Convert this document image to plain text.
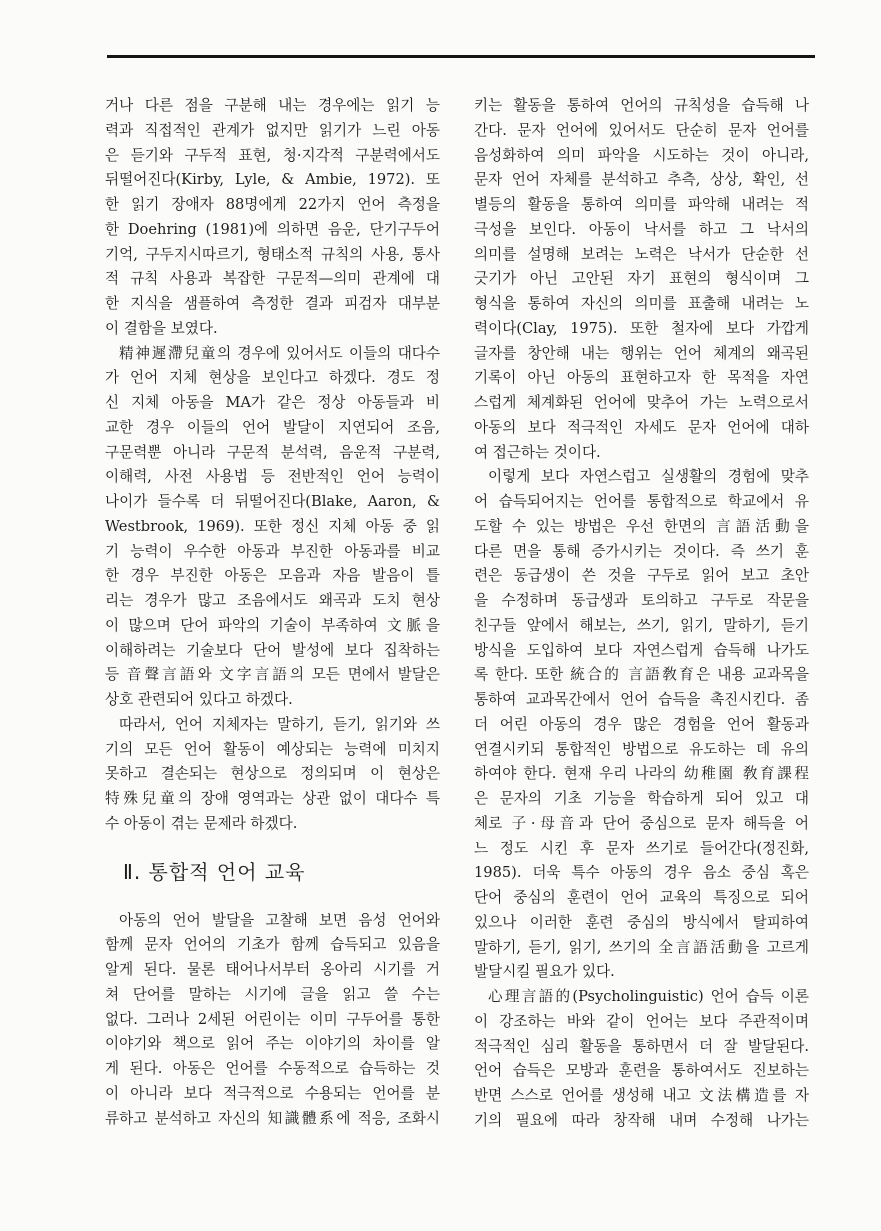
거나 다른 점을 구분해 내는 경우에는 읽기 능
력과 직접적인 관계가 없지만 읽기가 느린 아동
은 듣기와 구두적 표현, 청·지각적 구분력에서도
뒤떨어진다(Kirby, Lyle, & Ambie, 1972). 또
한 읽기 장애자 88명에게 22가지 언어 측정을
한 Doehring (1981)에 의하면 음운, 단기구두어
기억, 구두지시따르기, 형태소적 규칙의 사용, 통사
적 규칙 사용과 복잡한 구문적—의미 관계에 대
한 지식을 샘플하여 측정한 결과 피검자 대부분
이 결함을 보였다.
精神遲滯兒童의 경우에 있어서도 이들의 대다수
가 언어 지체 현상을 보인다고 하겠다. 경도 정
신 지체 아동을 MA가 같은 정상 아동들과 비
교한 경우 이들의 언어 발달이 지연되어 조음,
구문력뿐 아니라 구문적 분석력, 음운적 구분력,
이해력, 사전 사용법 등 전반적인 언어 능력이
나이가 들수록 더 뒤떨어진다(Blake, Aaron, &
Westbrook, 1969). 또한 정신 지체 아동 중 읽
기 능력이 우수한 아동과 부진한 아동과를 비교
한 경우 부진한 아동은 모음과 자음 발음이 틀
리는 경우가 많고 조음에서도 왜곡과 도치 현상
이 많으며 단어 파악의 기술이 부족하여 文脈을
이해하려는 기술보다 단어 발성에 보다 집착하는
등 音聲言語와 文字言語의 모든 면에서 발달은
상호 관련되어 있다고 하겠다.
따라서, 언어 지체자는 말하기, 듣기, 읽기와 쓰
기의 모든 언어 활동이 예상되는 능력에 미치지
못하고 결손되는 현상으로 정의되며 이 현상은
特殊兒童의 장애 영역과는 상관 없이 대다수 특
수 아동이 겪는 문제라 하겠다.
Ⅱ. 통합적 언어 교육
아동의 언어 발달을 고찰해 보면 음성 언어와
함께 문자 언어의 기초가 함께 습득되고 있음을
알게 된다. 물론 태어나서부터 옹아리 시기를 거
쳐 단어를 말하는 시기에 글을 읽고 쓸 수는
없다. 그러나 2세된 어린이는 이미 구두어를 통한
이야기와 책으로 읽어 주는 이야기의 차이를 알
게 된다. 아동은 언어를 수동적으로 습득하는 것
이 아니라 보다 적극적으로 수용되는 언어를 분
류하고 분석하고 자신의 知識體系에 적응, 조화시
키는 활동을 통하여 언어의 규칙성을 습득해 나
간다. 문자 언어에 있어서도 단순히 문자 언어를
음성화하여 의미 파악을 시도하는 것이 아니라,
문자 언어 자체를 분석하고 추측, 상상, 확인, 선
별등의 활동을 통하여 의미를 파악해 내려는 적
극성을 보인다. 아동이 낙서를 하고 그 낙서의
의미를 설명해 보려는 노력은 낙서가 단순한 선
긋기가 아닌 고안된 자기 표현의 형식이며 그
형식을 통하여 자신의 의미를 표출해 내려는 노
력이다(Clay, 1975). 또한 철자에 보다 가깝게
글자를 창안해 내는 행위는 언어 체계의 왜곡된
기록이 아닌 아동의 표현하고자 한 목적을 자연
스럽게 체계화된 언어에 맞추어 가는 노력으로서
아동의 보다 적극적인 자세도 문자 언어에 대하
여 접근하는 것이다.
이렇게 보다 자연스럽고 실생활의 경험에 맞추
어 습득되어지는 언어를 통합적으로 학교에서 유
도할 수 있는 방법은 우선 한면의 言語活動을
다른 면을 통해 증가시키는 것이다. 즉 쓰기 훈
련은 동급생이 쓴 것을 구두로 읽어 보고 초안
을 수정하며 동급생과 토의하고 구두로 작문을
친구들 앞에서 해보는, 쓰기, 읽기, 말하기, 듣기
방식을 도입하여 보다 자연스럽게 습득해 나가도
록 한다. 또한 統合的 言語敎育은 내용 교과목을
통하여 교과목간에서 언어 습득을 촉진시킨다. 좀
더 어린 아동의 경우 많은 경험을 언어 활동과
연결시키되 통합적인 방법으로 유도하는 데 유의
하여야 한다. 현재 우리 나라의 幼稚園 敎育課程
은 문자의 기초 기능을 학습하게 되어 있고 대
체로 子·母音과 단어 중심으로 문자 해득을 어
느 정도 시킨 후 문자 쓰기로 들어간다(정진화,
1985). 더욱 특수 아동의 경우 음소 중심 혹은
단어 중심의 훈련이 언어 교육의 특징으로 되어
있으나 이러한 훈련 중심의 방식에서 탈피하여
말하기, 듣기, 읽기, 쓰기의 全言語活動을 고르게
발달시킬 필요가 있다.
心理言語的(Psycholinguistic) 언어 습득 이론
이 강조하는 바와 같이 언어는 보다 주관적이며
적극적인 심리 활동을 통하면서 더 잘 발달된다.
언어 습득은 모방과 훈련을 통하여서도 진보하는
반면 스스로 언어를 생성해 내고 文法構造를 자
기의 필요에 따라 창작해 내며 수정해 나가는
